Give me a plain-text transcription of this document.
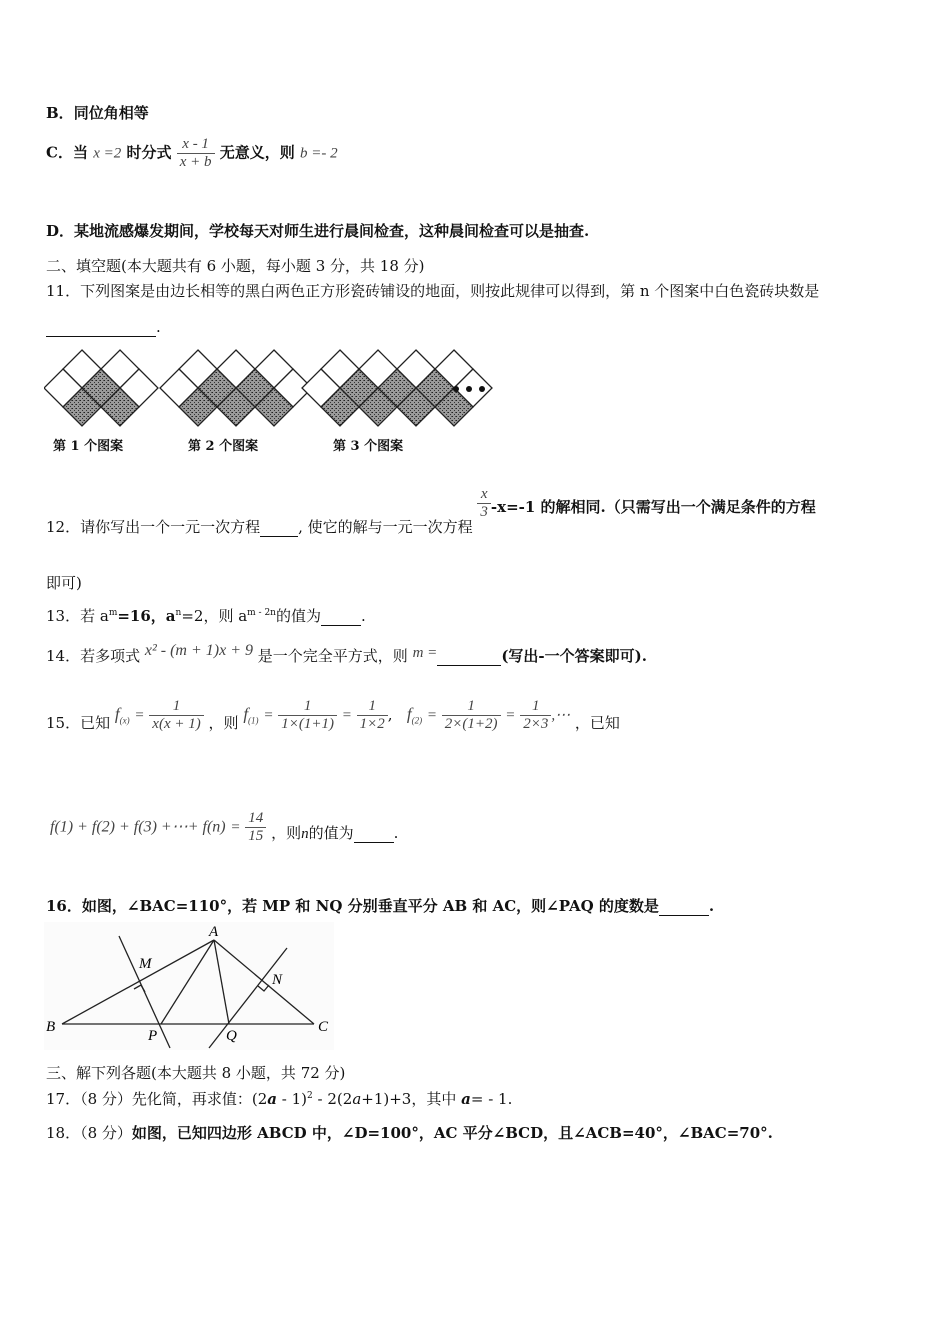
B．同位角相等
C．当 x =2 时分式 $\frac{x - 1}{x + b}$ 无意义，则 b =- 2
D．某地流感爆发期间，学校每天对师生进行晨间检查，这种晨间检查可以是抽查.
二、填空题(本大题共有 6 小题，每小题 3 分，共 18 分)
11．下列图案是由边长相等的黑白两色正方形瓷砖铺设的地面，则按此规律可以得到，第 n 个图案中白色瓷砖块数是
.
第 1 个图案	第 2 个图案	第 3 个图案
12．请你写出一个一元一次方程	, 使它的解与一元一次方程
$\frac{x}{3} -x=-1$ 的解相同.（只需写出一个满足条件的方程
即可)
13．若 $a^m=16$，$a^n=2$，则 $a^{m - 2n}$的值为	.
14．若多项式 x² - (m + 1)x + 9 是一个完全平方式，则 m =	(写出-一个答案即可).
15．已知 $f_{(x)} = \frac{1}{x(x + 1)}$ ，则 $f_{(1)} = \frac{1}{1\times(1+1)} = \frac{1}{1\times 2}$ ,   $f_{(2)} = \frac{1}{2\times(1+2)} = \frac{1}{2\times 3}$ ,⋯ ，已知
f(1) + f(2) + f(3) +⋯+ $f(n) = \frac{14}{15}$ ，则n的值为	.
16．如图，∠BAC=110°，若 MP 和 NQ 分别垂直平分 AB 和 AC，则∠PAQ 的度数是	.
A
B	C
M
N
P	Q
三、解下列各题(本大题共 8 小题，共 72 分)
17．（8 分）先化简，再求值：(2a - 1)$^2$ - 2(2a+1)+3，其中 a= - 1.
18．（8 分）如图，已知四边形 ABCD 中，∠D=100°，AC 平分∠BCD，且∠ACB=40°，∠BAC=70°.
